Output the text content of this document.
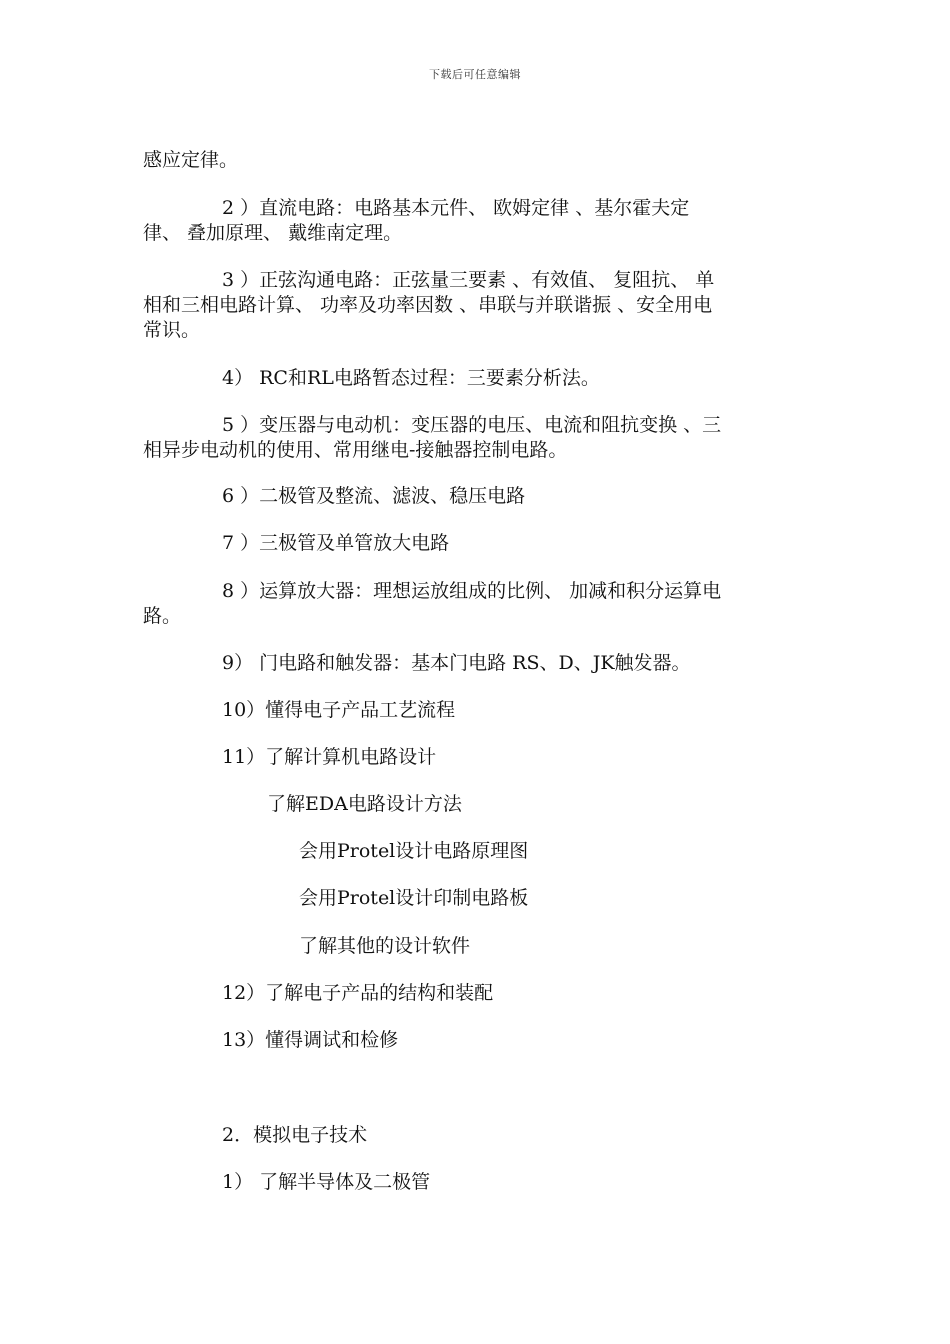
下载后可任意编辑
感应定律。
2 ）直流电路：电路基本元件、 欧姆定律 、基尔霍夫定
律、 叠加原理、 戴维南定理。
3 ）正弦沟通电路：正弦量三要素 、有效值、 复阻抗、 单
相和三相电路计算、 功率及功率因数 、串联与并联谐振 、安全用电
常识。
4） RC和RL电路暂态过程：三要素分析法。
5 ）变压器与电动机：变压器的电压、电流和阻抗变换 、三
相异步电动机的使用、常用继电-接触器控制电路。
6 ）二极管及整流、滤波、稳压电路
7 ）三极管及单管放大电路
8 ）运算放大器：理想运放组成的比例、 加减和积分运算电
路。
9） 门电路和触发器：基本门电路 RS、D、JK触发器。
10）懂得电子产品工艺流程
11）了解计算机电路设计
了解EDA电路设计方法
会用Protel设计电路原理图
会用Protel设计印制电路板
了解其他的设计软件
12）了解电子产品的结构和装配
13）懂得调试和检修
2．模拟电子技术
1） 了解半导体及二极管
